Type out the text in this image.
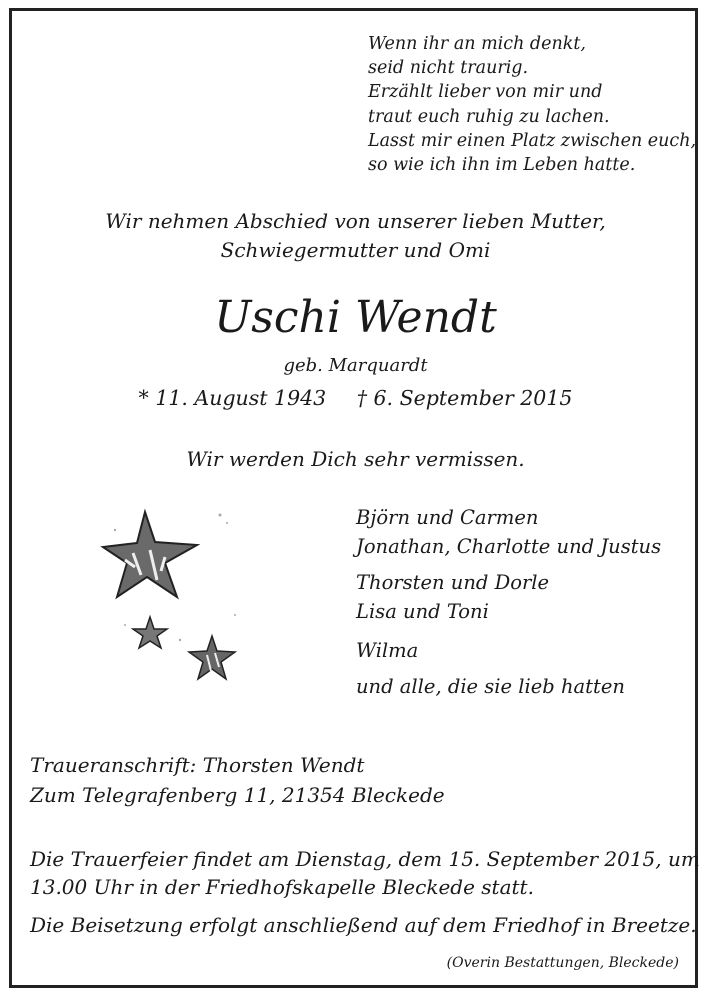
Wenn ihr an mich denkt,
seid nicht traurig.
Erzählt lieber von mir und
traut euch ruhig zu lachen.
Lasst mir einen Platz zwischen euch,
so wie ich ihn im Leben hatte.
Wir nehmen Abschied von unserer lieben Mutter,
Schwiegermutter und Omi
Uschi Wendt
geb. Marquardt
* 11. August 1943 † 6. September 2015
Wir werden Dich sehr vermissen.
Björn und Carmen
Jonathan, Charlotte und Justus
Thorsten und Dorle
Lisa und Toni
Wilma
und alle, die sie lieb hatten
Traueranschrift: Thorsten Wendt
Zum Telegrafenberg 11, 21354 Bleckede
Die Trauerfeier findet am Dienstag, dem 15. September 2015, um
13.00 Uhr in der Friedhofskapelle Bleckede statt.
Die Beisetzung erfolgt anschließend auf dem Friedhof in Breetze.
(Overin Bestattungen, Bleckede)
